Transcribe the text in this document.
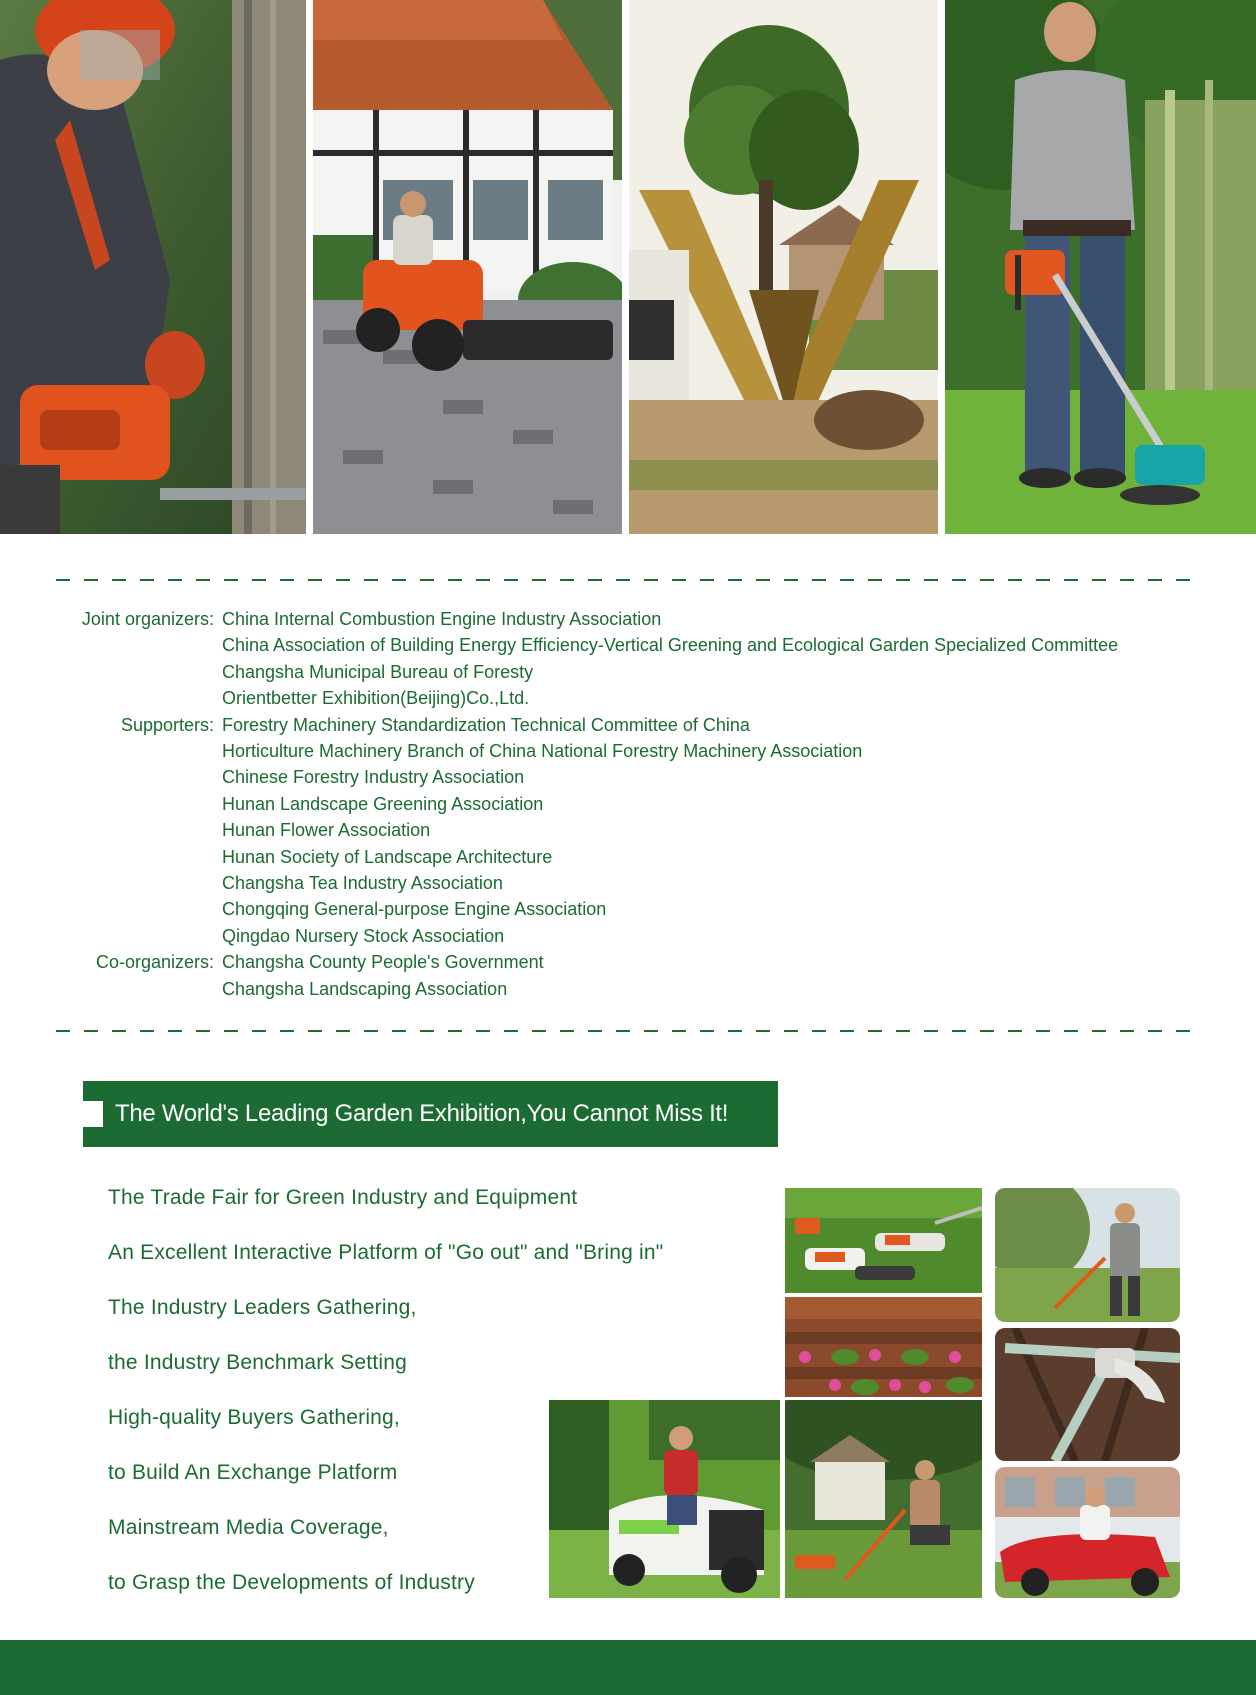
Joint organizers: China Internal Combustion Engine Industry Association
China Association of Building Energy Efficiency-Vertical Greening and Ecological Garden Specialized Committee
Changsha Municipal Bureau of Foresty
Orientbetter Exhibition(Beijing)Co.,Ltd.
Supporters: Forestry Machinery Standardization Technical Committee of China
Horticulture Machinery Branch of China National Forestry Machinery Association
Chinese Forestry Industry Association
Hunan Landscape Greening Association
Hunan Flower Association
Hunan Society of Landscape Architecture
Changsha Tea Industry Association
Chongqing General-purpose Engine Association
Qingdao Nursery Stock Association
Co-organizers: Changsha County People's Government
Changsha Landscaping Association
The World's Leading Garden Exhibition,You Cannot Miss It!
The Trade Fair for Green Industry and Equipment
An Excellent Interactive Platform of "Go out" and "Bring in"
The Industry Leaders Gathering,
the Industry Benchmark Setting
High-quality Buyers Gathering,
to Build An Exchange Platform
Mainstream Media Coverage,
to Grasp the Developments of Industry
